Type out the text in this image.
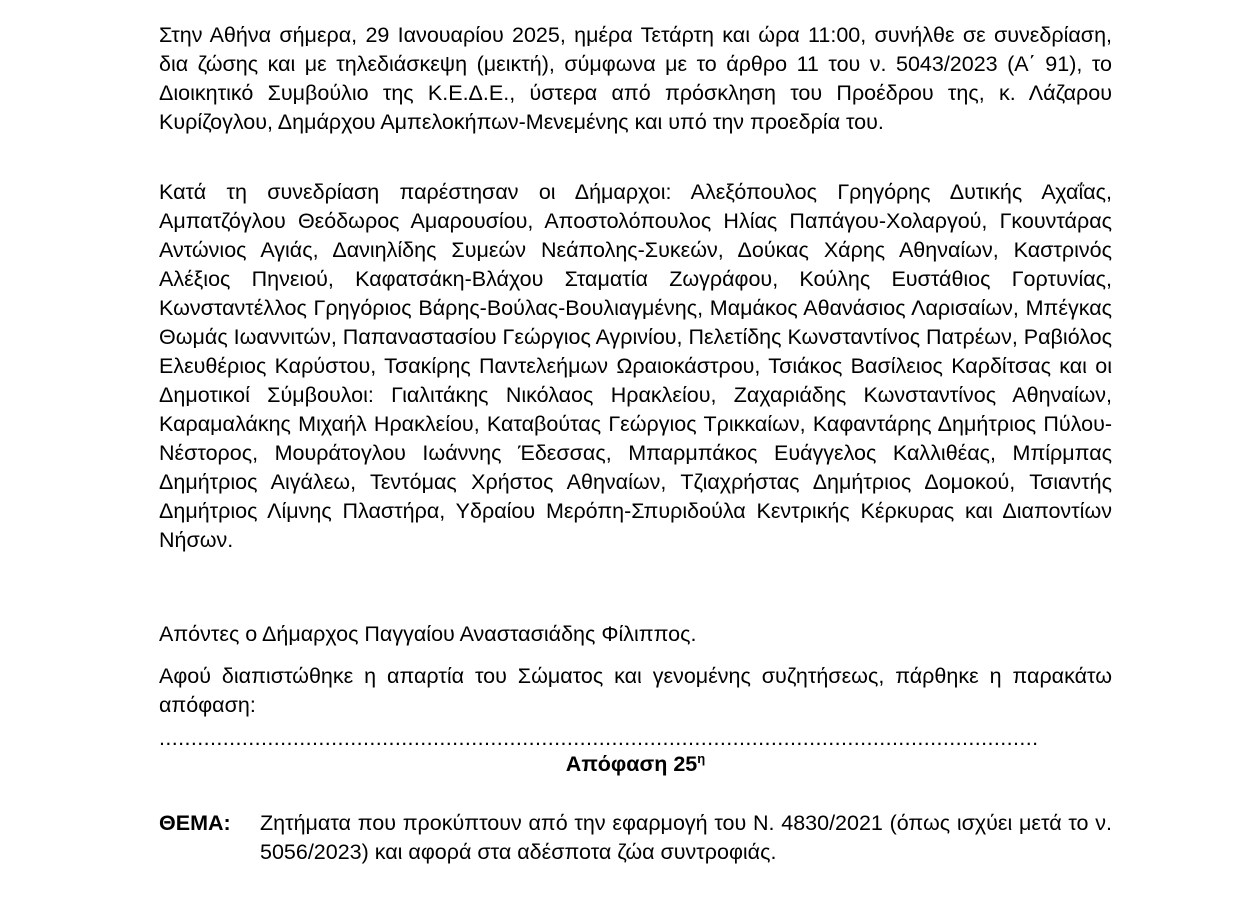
Στην Αθήνα σήμερα, 29 Ιανουαρίου 2025, ημέρα Τετάρτη και ώρα 11:00, συνήλθε σε συνεδρίαση, δια ζώσης και με τηλεδιάσκεψη (μεικτή), σύμφωνα με το άρθρο 11 του ν. 5043/2023 (Α΄ 91), το Διοικητικό Συμβούλιο της Κ.Ε.Δ.Ε., ύστερα από πρόσκληση του Προέδρου της, κ. Λάζαρου Κυρίζογλου, Δημάρχου Αμπελοκήπων-Μενεμένης και υπό την προεδρία του.

Κατά τη συνεδρίαση παρέστησαν οι Δήμαρχοι: Αλεξόπουλος Γρηγόρης Δυτικής Αχαΐας, Αμπατζόγλου Θεόδωρος Αμαρουσίου, Αποστολόπουλος Ηλίας Παπάγου-Χολαργού, Γκουντάρας Αντώνιος Αγιάς, Δανιηλίδης Συμεών Νεάπολης-Συκεών, Δούκας Χάρης Αθηναίων, Καστρινός Αλέξιος Πηνειού, Καφατσάκη-Βλάχου Σταματία Ζωγράφου, Κούλης Ευστάθιος Γορτυνίας, Κωνσταντέλλος Γρηγόριος Βάρης-Βούλας-Βουλιαγμένης, Μαμάκος Αθανάσιος Λαρισαίων, Μπέγκας Θωμάς Ιωαννιτών, Παπαναστασίου Γεώργιος Αγρινίου, Πελετίδης Κωνσταντίνος Πατρέων, Ραβιόλος Ελευθέριος Καρύστου, Τσακίρης Παντελεήμων Ωραιοκάστρου, Τσιάκος Βασίλειος Καρδίτσας και οι Δημοτικοί Σύμβουλοι: Γιαλιτάκης Νικόλαος Ηρακλείου, Ζαχαριάδης Κωνσταντίνος Αθηναίων, Καραμαλάκης Μιχαήλ Ηρακλείου, Καταβούτας Γεώργιος Τρικκαίων, Καφαντάρης Δημήτριος Πύλου-Νέστορος, Μουράτογλου Ιωάννης Έδεσσας, Μπαρμπάκος Ευάγγελος Καλλιθέας, Μπίρμπας Δημήτριος Αιγάλεω, Τεντόμας Χρήστος Αθηναίων, Τζιαχρήστας Δημήτριος Δομοκού, Τσιαντής Δημήτριος Λίμνης Πλαστήρα, Υδραίου Μερόπη-Σπυριδούλα Κεντρικής Κέρκυρας και Διαποντίων Νήσων.

Απόντες ο Δήμαρχος Παγγαίου Αναστασιάδης Φίλιππος.

Αφού διαπιστώθηκε η απαρτία του Σώματος και γενομένης συζητήσεως, πάρθηκε η παρακάτω απόφαση:

..........................................................................................................................................
Απόφαση $25^\eta$
ΘΕΜΑ: Ζητήματα που προκύπτουν από την εφαρμογή του Ν. 4830/2021 (όπως ισχύει μετά το ν. 5056/2023) και αφορά στα αδέσποτα ζώα συντροφιάς.
